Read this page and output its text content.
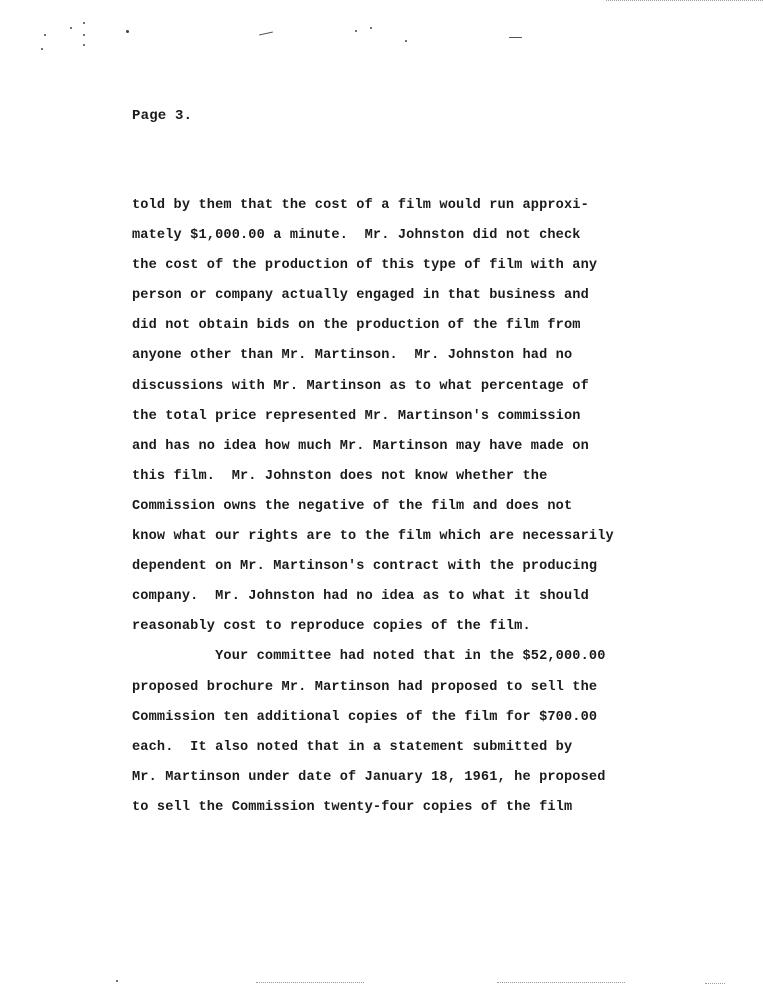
Page 3.
told by them that the cost of a film would run approxi-
mately $1,000.00 a minute.  Mr. Johnston did not check
the cost of the production of this type of film with any
person or company actually engaged in that business and
did not obtain bids on the production of the film from
anyone other than Mr. Martinson.  Mr. Johnston had no
discussions with Mr. Martinson as to what percentage of
the total price represented Mr. Martinson's commission
and has no idea how much Mr. Martinson may have made on
this film.  Mr. Johnston does not know whether the
Commission owns the negative of the film and does not
know what our rights are to the film which are necessarily
dependent on Mr. Martinson's contract with the producing
company.  Mr. Johnston had no idea as to what it should
reasonably cost to reproduce copies of the film.
Your committee had noted that in the $52,000.00
proposed brochure Mr. Martinson had proposed to sell the
Commission ten additional copies of the film for $700.00
each.  It also noted that in a statement submitted by
Mr. Martinson under date of January 18, 1961, he proposed
to sell the Commission twenty-four copies of the film
